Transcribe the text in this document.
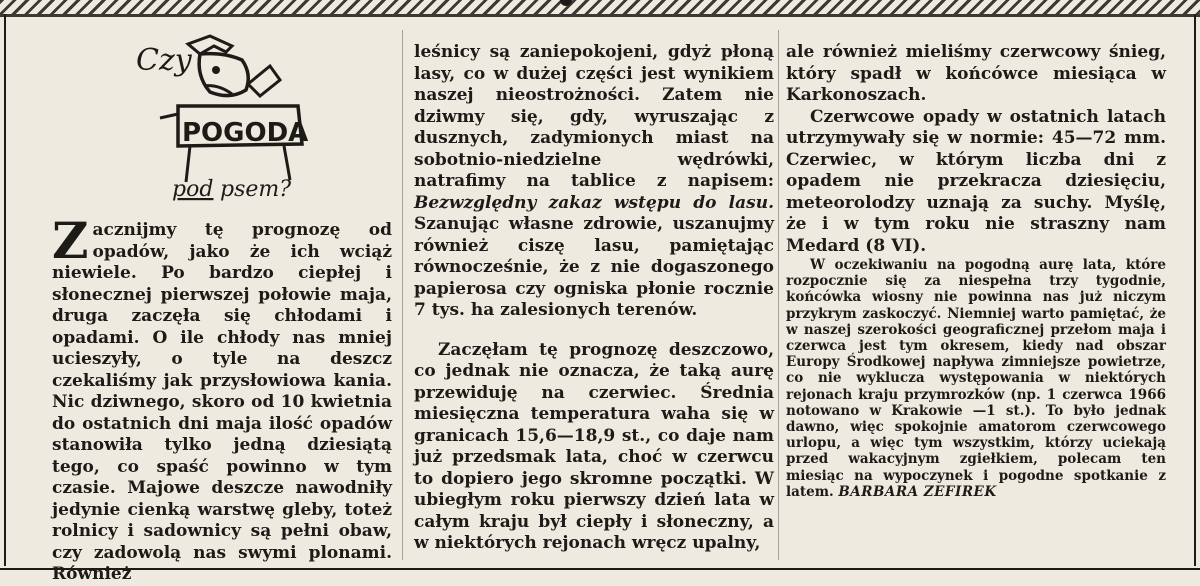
Czy
POGODA
pod psem?
Z acznijmy tę prognozę od opadów, jako że ich wciąż niewiele. Po bardzo ciepłej i słonecznej pierwszej połowie maja, druga zaczęła się chłodami i opadami. O ile chłody nas mniej ucieszyły, o tyle na deszcz czekaliśmy jak przysłowiowa kania. Nic dziwnego, skoro od 10 kwietnia do ostatnich dni maja ilość opadów stanowiła tylko jedną dziesiątą tego, co spaść powinno w tym czasie. Majowe deszcze nawodniły jedynie cienką warstwę gleby, toteż rolnicy i sadownicy są pełni obaw, czy zadowolą nas swymi plonami. Również

leśnicy są zaniepokojeni, gdyż płoną lasy, co w dużej części jest wynikiem naszej nieostrożności. Zatem nie dziwmy się, gdy, wyruszając z dusznych, zadymionych miast na sobotnio-niedzielne wędrówki, natrafimy na tablice z napisem: Bezwzględny zakaz wstępu do lasu. Szanując własne zdrowie, uszanujmy również ciszę lasu, pamiętając równocześnie, że z nie dogaszonego papierosa czy ogniska płonie rocznie 7 tys. ha zalesionych terenów.

Zaczęłam tę prognozę deszczowo, co jednak nie oznacza, że taką aurę przewiduję na czerwiec. Średnia miesięczna temperatura waha się w granicach 15,6—18,9 st., co daje nam już przedsmak lata, choć w czerwcu to dopiero jego skromne początki. W ubiegłym roku pierwszy dzień lata w całym kraju był ciepły i słoneczny, a w niektórych rejonach wręcz upalny,

ale również mieliśmy czerwcowy śnieg, który spadł w końcówce miesiąca w Karkonoszach.

Czerwcowe opady w ostatnich latach utrzymywały się w normie: 45—72 mm. Czerwiec, w którym liczba dni z opadem nie przekracza dziesięciu, meteorolodzy uznają za suchy. Myślę, że i w tym roku nie straszny nam Medard (8 VI).

W oczekiwaniu na pogodną aurę lata, które rozpocznie się za niespełna trzy tygodnie, końcówka wiosny nie powinna nas już niczym przykrym zaskoczyć. Niemniej warto pamiętać, że w naszej szerokości geograficznej przełom maja i czerwca jest tym okresem, kiedy nad obszar Europy Środkowej napływa zimniejsze powietrze, co nie wyklucza występowania w niektórych rejonach kraju przymrozków (np. 1 czerwca 1966 notowano w Krakowie —1 st.). To było jednak dawno, więc spokojnie amatorom czerwcowego urlopu, a więc tym wszystkim, którzy uciekają przed wakacyjnym zgiełkiem, polecam ten miesiąc na wypoczynek i pogodne spotkanie z latem. BARBARA ZEFIREK
